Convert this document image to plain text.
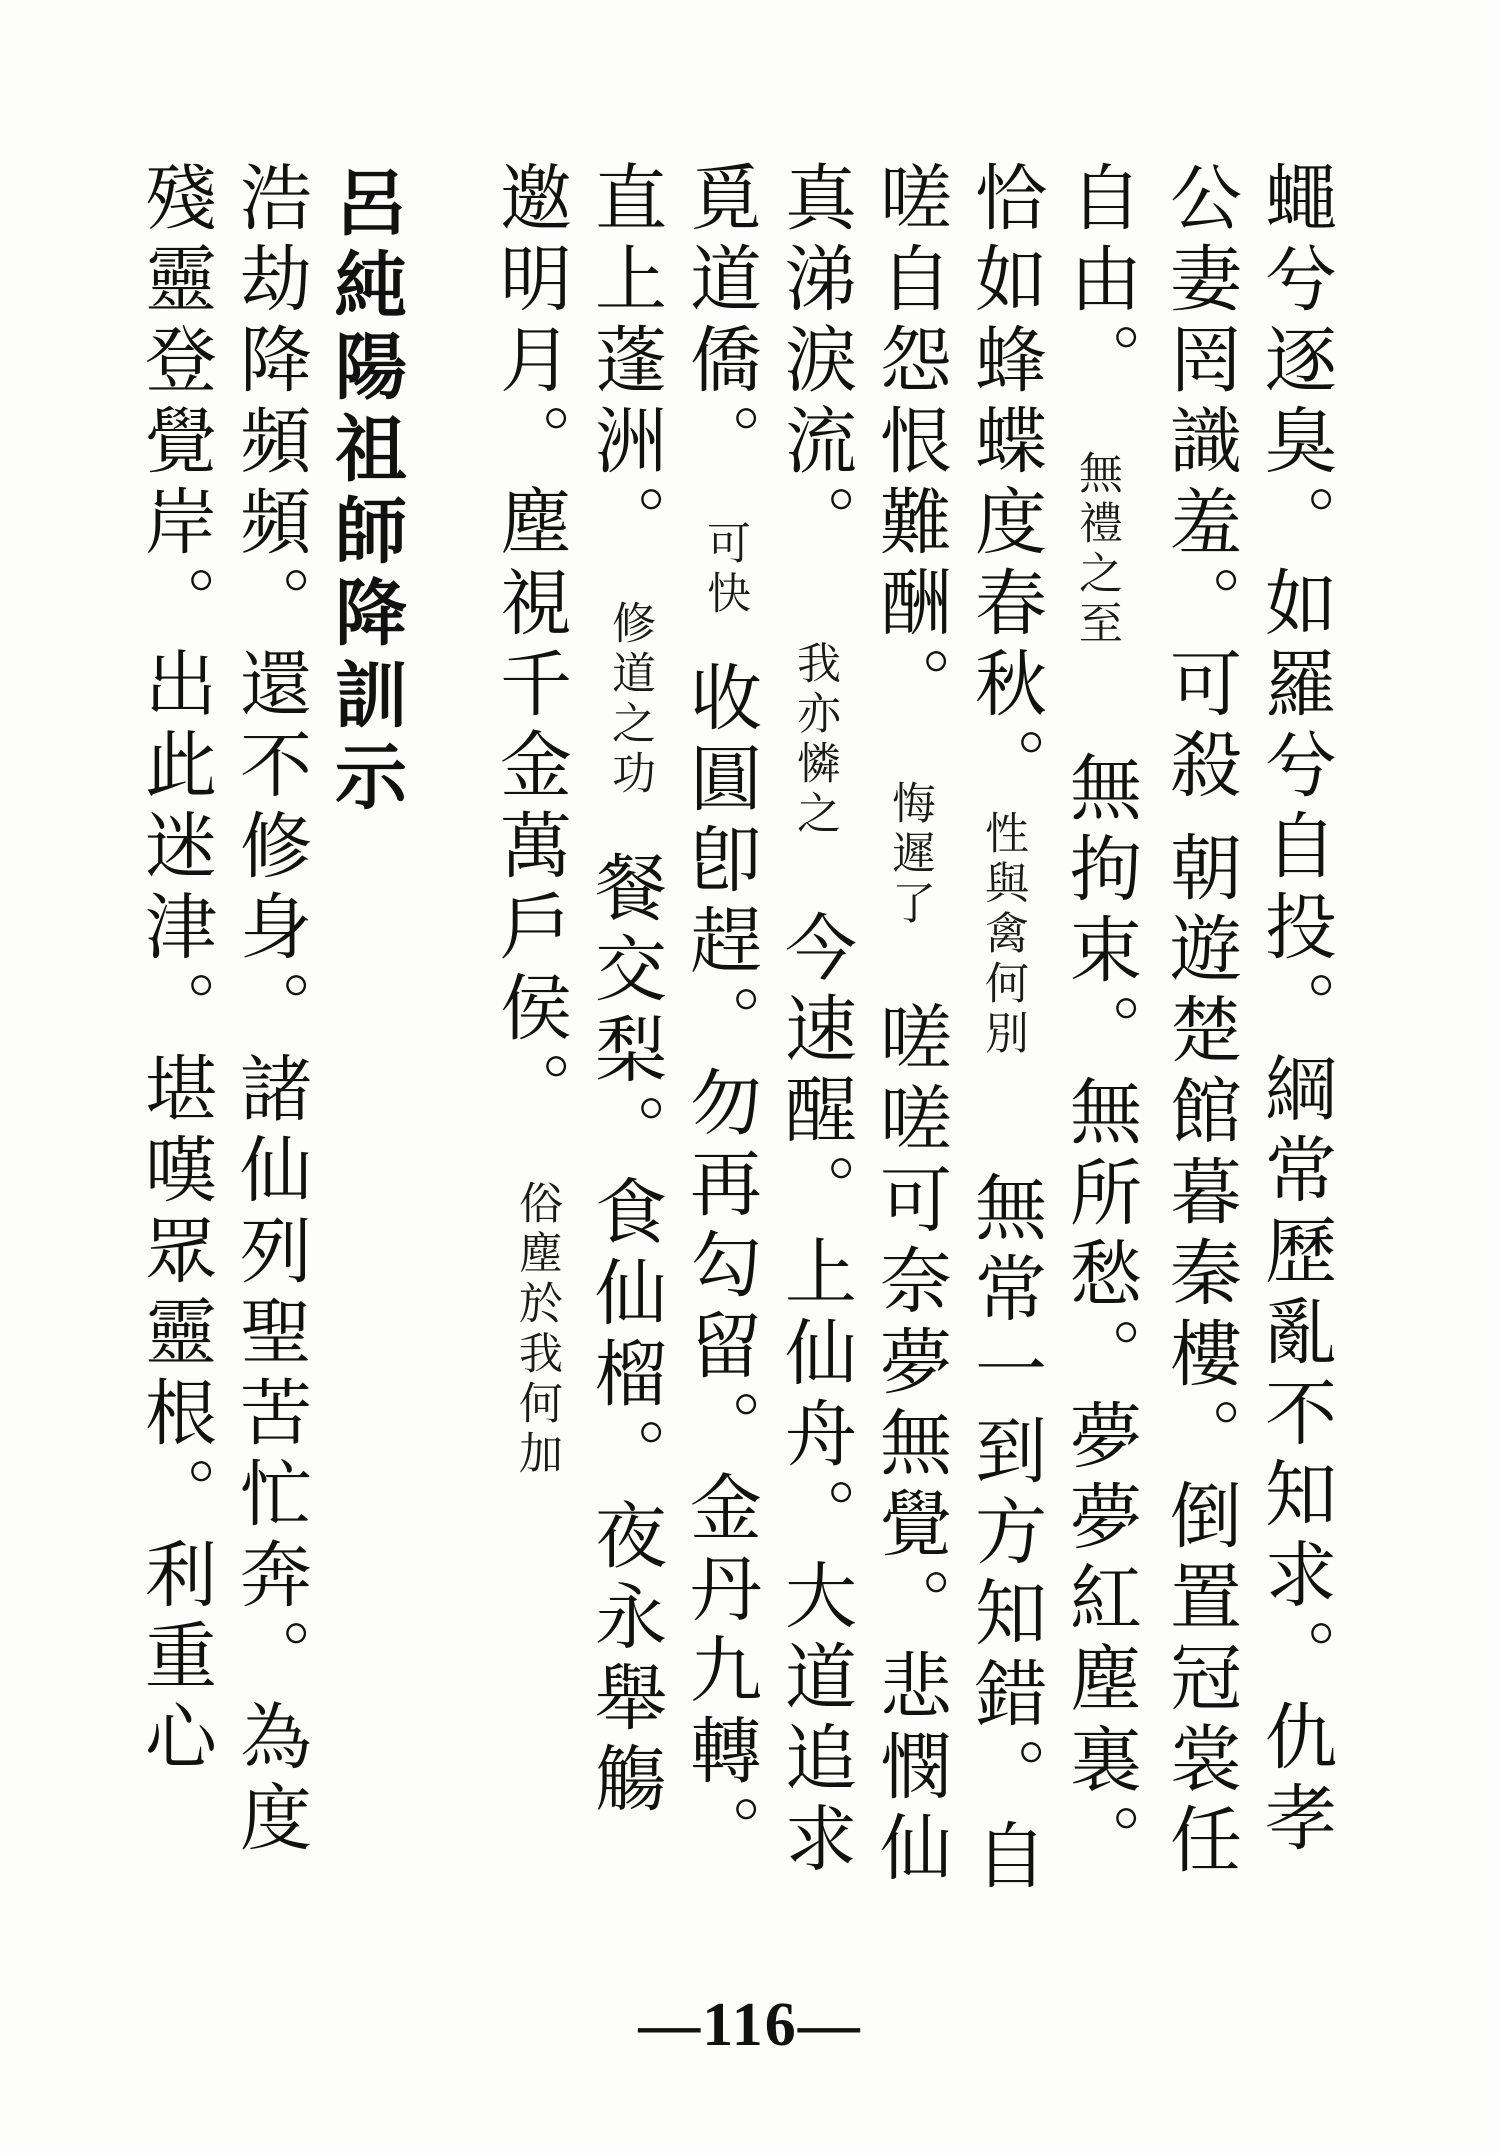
蠅兮逐臭。如羅兮自投。綱常歷亂不知求。仇孝
公妻罔識羞。可殺
朝遊楚館暮秦樓。倒置冠裳任
自由。
無禮之至
無拘束。無所愁。夢夢紅塵裏。
恰如蜂蝶度春秋。
性與禽何別
無常一到方知錯。自
嗟自怨恨難酬。
悔遲了
嗟嗟可奈夢無覺。悲憫仙
真涕淚流。
我亦憐之
今速醒。上仙舟。大道追求
覓道僑。
可快
收圓卽趕。勿再勾留。金丹九轉。
直上蓬洲。
修道之功
餐交梨。食仙榴。夜永舉觴
邀明月。塵視千金萬戶侯。
俗塵於我何加
呂純陽祖師降訓示
浩劫降頻頻。還不修身。諸仙列聖苦忙奔。為度
殘靈登覺岸。出此迷津。堪嘆眾靈根。利重心
—116—
